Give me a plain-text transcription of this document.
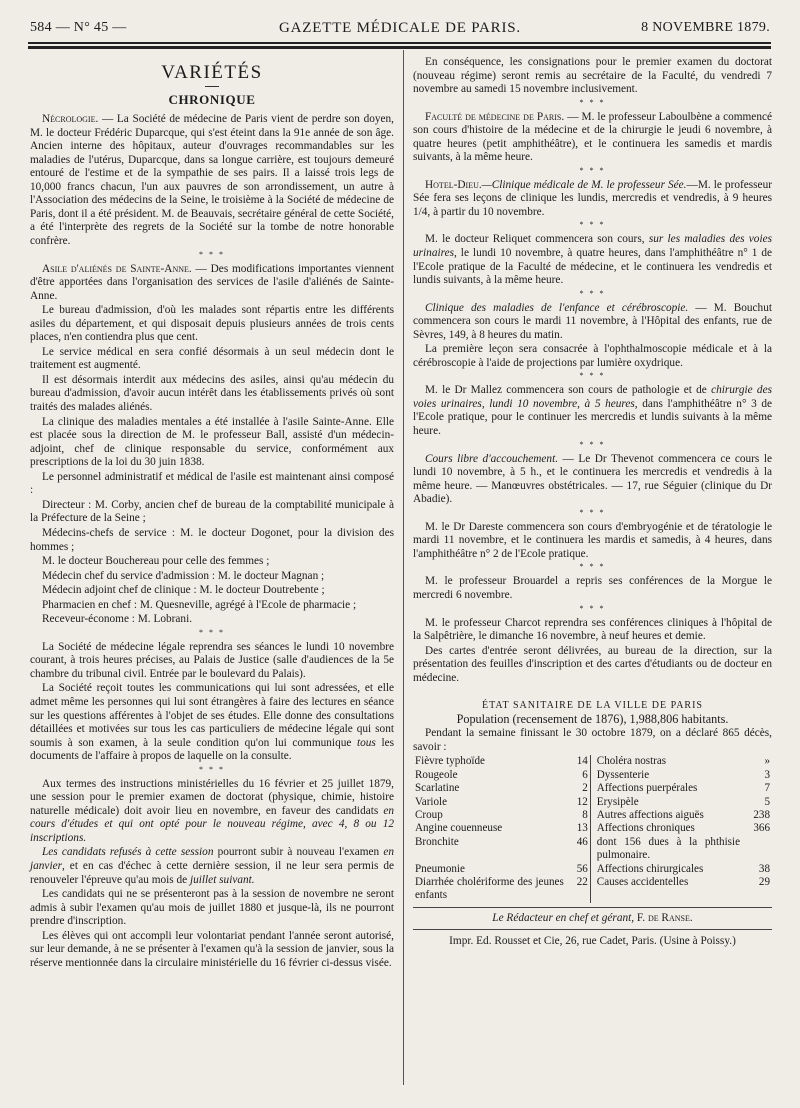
584 — N° 45 —	GAZETTE MÉDICALE DE PARIS.	8 NOVEMBRE 1879.
VARIÉTÉS
CHRONIQUE

Nécrologie. — La Société de médecine de Paris vient de perdre son doyen, M. le docteur Frédéric Duparcque, qui s'est éteint dans la 91e année de son âge. Ancien interne des hôpitaux, auteur d'ouvrages recommandables sur les maladies de l'utérus, Duparcque, dans sa longue carrière, est toujours demeuré entouré de l'estime et de la sympathie de ses pairs. Il a laissé trois legs de 10,000 francs chacun, l'un aux pauvres de son arrondissement, un autre à l'Association des médecins de la Seine, le troisième à la Société de médecine de Paris, dont il a été président. M. de Beauvais, secrétaire général de cette Société, a été l'interprète des regrets de la Société sur la tombe de notre honorable confrère.

* * *

Asile d'aliénés de Sainte-Anne. — Des modifications importantes viennent d'être apportées dans l'organisation des services de l'asile d'aliénés de Sainte-Anne.

Le bureau d'admission, d'où les malades sont répartis entre les différents asiles du département, et qui disposait depuis plusieurs années de trois cents places, n'en contiendra plus que cent.

Le service médical en sera confié désormais à un seul médecin dont le traitement est augmenté.

Il est désormais interdit aux médecins des asiles, ainsi qu'au médecin du bureau d'admission, d'avoir aucun intérêt dans les établissements privés où sont traités des malades aliénés.

La clinique des maladies mentales a été installée à l'asile Sainte-Anne. Elle est placée sous la direction de M. le professeur Ball, assisté d'un médecin-adjoint, chef de clinique responsable du service, conformément aux prescriptions de la loi du 30 juin 1838.

Le personnel administratif et médical de l'asile est maintenant ainsi composé :

Directeur : M. Corby, ancien chef de bureau de la comptabilité municipale à la Préfecture de la Seine ;

Médecins-chefs de service : M. le docteur Dogonet, pour la division des hommes ;

M. le docteur Bouchereau pour celle des femmes ;

Médecin chef du service d'admission : M. le docteur Magnan ;

Médecin adjoint chef de clinique : M. le docteur Doutrebente ;

Pharmacien en chef : M. Quesneville, agrégé à l'Ecole de pharmacie ;

Receveur-économe : M. Lobrani.

* * *

La Société de médecine légale reprendra ses séances le lundi 10 novembre courant, à trois heures précises, au Palais de Justice (salle d'audiences de la 5e chambre du tribunal civil. Entrée par le boulevard du Palais).

La Société reçoit toutes les communications qui lui sont adressées, et elle admet même les personnes qui lui sont étrangères à faire des lectures en séance sur les questions afférentes à l'objet de ses études. Elle donne des consultations détaillées et motivées sur tous les cas particuliers de médecine légale qui sont soumis à son examen, à la seule condition qu'on lui communique tous les documents de l'affaire à propos de laquelle on la consulte.

* * *

Aux termes des instructions ministérielles du 16 février et 25 juillet 1879, une session pour le premier examen de doctorat (physique, chimie, histoire naturelle médicale) doit avoir lieu en novembre, en faveur des candidats en cours d'études et qui ont opté pour le nouveau régime, avec 4, 8 ou 12 inscriptions.

Les candidats refusés à cette session pourront subir à nouveau l'examen en janvier, et en cas d'échec à cette dernière session, il ne leur sera permis de renouveler l'épreuve qu'au mois de juillet suivant.

Les candidats qui ne se présenteront pas à la session de novembre ne seront admis à subir l'examen qu'au mois de juillet 1880 et jusque-là, ils ne pourront prendre d'inscription.

Les élèves qui ont accompli leur volontariat pendant l'année seront autorisé, sur leur demande, à ne se présenter à l'examen qu'à la session de janvier, sous la réserve mentionnée dans la circulaire ministérielle du 16 février ci-dessus visée.

En conséquence, les consignations pour le premier examen du doctorat (nouveau régime) seront remis au secrétaire de la Faculté, du vendredi 7 novembre au samedi 15 novembre inclusivement.

* * *

Faculté de médecine de Paris. — M. le professeur Laboulbène a commencé son cours d'histoire de la médecine et de la chirurgie le jeudi 6 novembre, à quatre heures (petit amphithéâtre), et le continuera les samedis et mardis suivants, à la même heure.

* * *

Hotel-Dieu.—Clinique médicale de M. le professeur Sée.—M. le professeur Sée fera ses leçons de clinique les lundis, mercredis et vendredis, à 9 heures 1/4, à partir du 10 novembre.

* * *

M. le docteur Reliquet commencera son cours, sur les maladies des voies urinaires, le lundi 10 novembre, à quatre heures, dans l'amphithéâtre n° 1 de l'Ecole pratique de la Faculté de médecine, et le continuera les vendredis et lundis suivants, à la même heure.

* * *

Clinique des maladies de l'enfance et cérébroscopie. — M. Bouchut commencera son cours le mardi 11 novembre, à l'Hôpital des enfants, rue de Sèvres, 149, à 8 heures du matin.

La première leçon sera consacrée à l'ophthalmoscopie médicale et à la cérébroscopie à l'aide de projections par lumière oxydrique.

* * *

M. le Dr Mallez commencera son cours de pathologie et de chirurgie des voies urinaires, lundi 10 novembre, à 5 heures, dans l'amphithéâtre n° 3 de l'Ecole pratique, pour le continuer les mercredis et lundis suivants à la même heure.

* * *

Cours libre d'accouchement. — Le Dr Thevenot commencera ce cours le lundi 10 novembre, à 5 h., et le continuera les mercredis et vendredis à la même heure. — Manœuvres obstétricales. — 17, rue Séguier (clinique du Dr Abadie).

* * *

M. le Dr Dareste commencera son cours d'embryogénie et de tératologie le mardi 11 novembre, et le continuera les mardis et samedis, à 4 heures, dans l'amphithéâtre n° 2 de l'Ecole pratique.

* * *

M. le professeur Brouardel a repris ses conférences de la Morgue le mercredi 6 novembre.

* * *

M. le professeur Charcot reprendra ses conférences cliniques à l'hôpital de la Salpêtrière, le dimanche 16 novembre, à neuf heures et demie.

Des cartes d'entrée seront délivrées, au bureau de la direction, sur la présentation des feuilles d'inscription et des cartes d'étudiants ou de docteur en médecine.

ÉTAT SANITAIRE DE LA VILLE DE PARIS

Population (recensement de 1876), 1,988,806 habitants.

Pendant la semaine finissant le 30 octobre 1879, on a déclaré 865 décès, savoir :

Fièvre typhoïde	14	Choléra nostras	»
Rougeole	6	Dyssenterie	3
Scarlatine	2	Affections puerpérales	7
Variole	12	Erysipèle	5
Croup	8	Autres affections aiguës	238
Angine couenneuse	13	Affections chroniques	366
Bronchite	46	dont 156 dues à la phthisie pulmonaire.	
Pneumonie	56	Affections chirurgicales	38
Diarrhée cholériforme des jeunes enfants	22	Causes accidentelles	29
Le Rédacteur en chef et gérant, F. de Ranse.
Impr. Ed. Rousset et Cie, 26, rue Cadet, Paris. (Usine à Poissy.)
